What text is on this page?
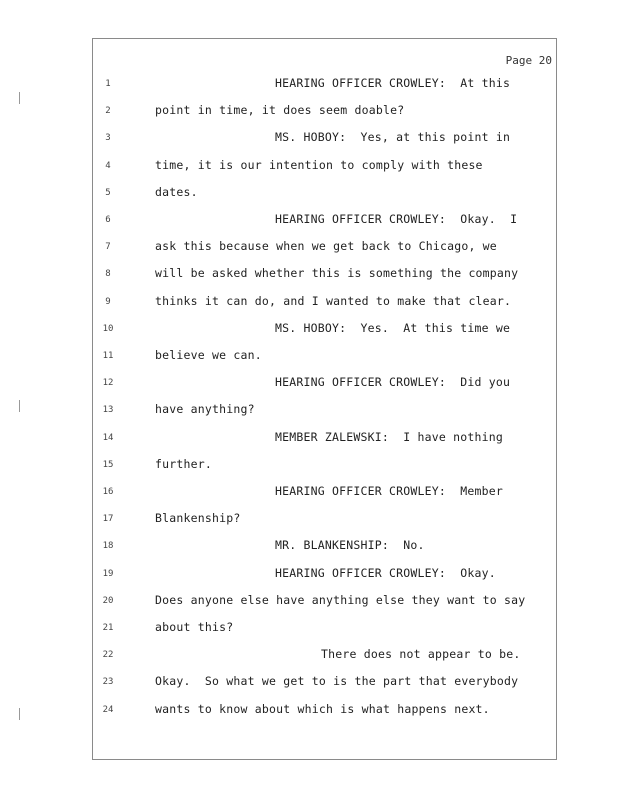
Page 20
1	HEARING OFFICER CROWLEY:  At this
2	point in time, it does seem doable?
3	MS. HOBOY:  Yes, at this point in
4	time, it is our intention to comply with these
5	dates.
6	HEARING OFFICER CROWLEY:  Okay.  I
7	ask this because when we get back to Chicago, we
8	will be asked whether this is something the company
9	thinks it can do, and I wanted to make that clear.
10	MS. HOBOY:  Yes.  At this time we
11	believe we can.
12	HEARING OFFICER CROWLEY:  Did you
13	have anything?
14	MEMBER ZALEWSKI:  I have nothing
15	further.
16	HEARING OFFICER CROWLEY:  Member
17	Blankenship?
18	MR. BLANKENSHIP:  No.
19	HEARING OFFICER CROWLEY:  Okay.
20	Does anyone else have anything else they want to say
21	about this?
22	There does not appear to be.
23	Okay.  So what we get to is the part that everybody
24	wants to know about which is what happens next.
